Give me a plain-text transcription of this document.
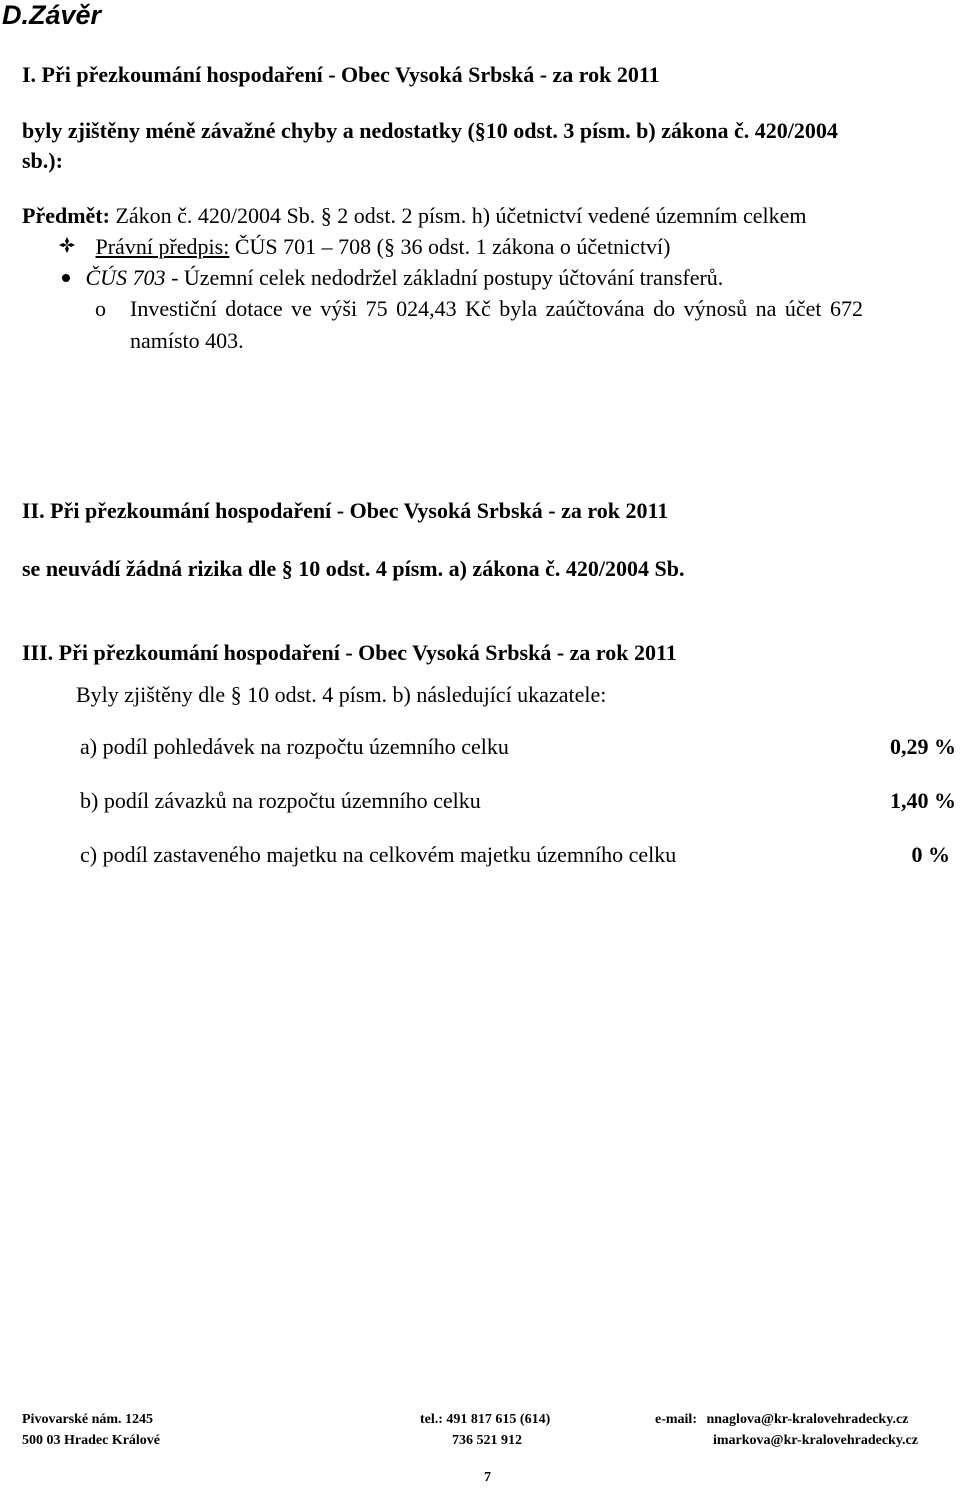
D.Závěr
I. Při přezkoumání hospodaření - Obec Vysoká Srbská - za rok 2011
byly zjištěny méně závažné chyby a nedostatky (§10 odst. 3 písm. b) zákona č. 420/2004
sb.):
Předmět: Zákon č. 420/2004 Sb. § 2 odst. 2 písm. h) účetnictví vedené územním celkem
Právní předpis: ČÚS 701 – 708 (§ 36 odst. 1 zákona o účetnictví)
ČÚS 703 - Územní celek nedodržel základní postupy účtování transferů.
o Investiční dotace ve výši 75 024,43 Kč byla zaúčtována do výnosů na účet 672
namísto 403.
II. Při přezkoumání hospodaření - Obec Vysoká Srbská - za rok 2011
se neuvádí žádná rizika dle § 10 odst. 4 písm. a) zákona č. 420/2004 Sb.
III. Při přezkoumání hospodaření - Obec Vysoká Srbská - za rok 2011
Byly zjištěny dle § 10 odst. 4 písm. b) následující ukazatele:
a) podíl pohledávek na rozpočtu územního celku	0,29 %
b) podíl závazků na rozpočtu územního celku	1,40 %
c) podíl zastaveného majetku na celkovém majetku územního celku	0 %
Pivovarské nám. 1245
500 03 Hradec Králové
tel.: 491 817 615 (614)
736 521 912
e-mail: nnaglova@kr-kralovehradecky.cz
imarkova@kr-kralovehradecky.cz
7
